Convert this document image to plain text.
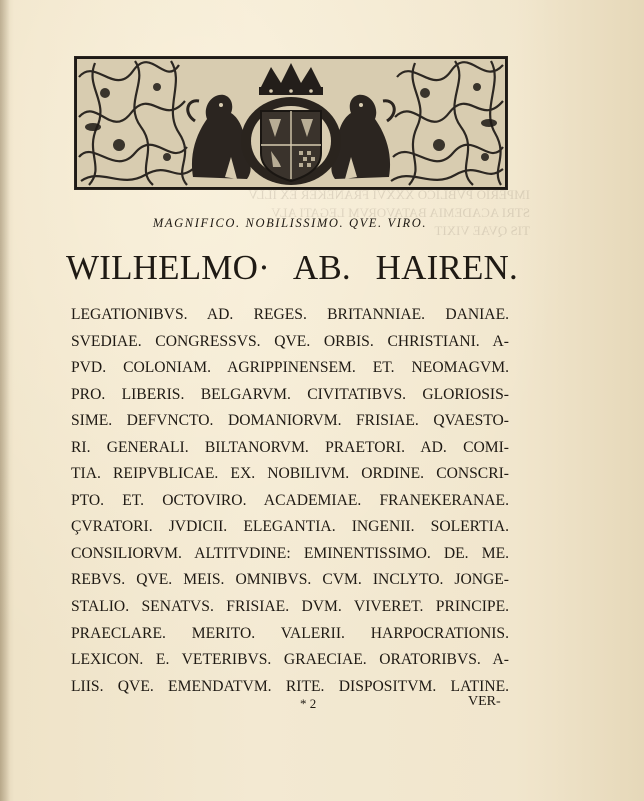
IMPERIO PVBLICO XXXVI FRANEKER EX ILLV
STRI ACADEMIA BATAVORVM LEGATI ALV
TIS QVAE VIXIT
MAGNIFICO. NOBILISSIMO. QVE. VIRO.
WILHELMO· AB. HAIREN.
LEGATIONIBVS. AD. REGES. BRITANNIAE. DANIAE.
SVEDIAE. CONGRESSVS. QVE. ORBIS. CHRISTIANI. A-
PVD. COLONIAM. AGRIPPINENSEM. ET. NEOMAGVM.
PRO. LIBERIS. BELGARVM. CIVITATIBVS. GLORIOSIS-
SIME. DEFVNCTO. DOMANIORVM. FRISIAE. QVAESTO-
RI. GENERALI. BILTANORVM. PRAETORI. AD. COMI-
TIA. REIPVBLICAE. EX. NOBILIVM. ORDINE. CONSCRI-
PTO. ET. OCTOVIRO. ACADEMIAE. FRANEKERANAE.
ÇVRATORI. JVDICII. ELEGANTIA. INGENII. SOLERTIA.
CONSILIORVM. ALTITVDINE: EMINENTISSIMO. DE. ME.
REBVS. QVE. MEIS. OMNIBVS. CVM. INCLYTO. JONGE-
STALIO. SENATVS. FRISIAE. DVM. VIVERET. PRINCIPE.
PRAECLARE. MERITO. VALERII. HARPOCRATIONIS.
LEXICON. E. VETERIBVS. GRAECIAE. ORATORIBVS. A-
LIIS. QVE. EMENDATVM. RITE. DISPOSITVM. LATINE.
* 2	VER-
